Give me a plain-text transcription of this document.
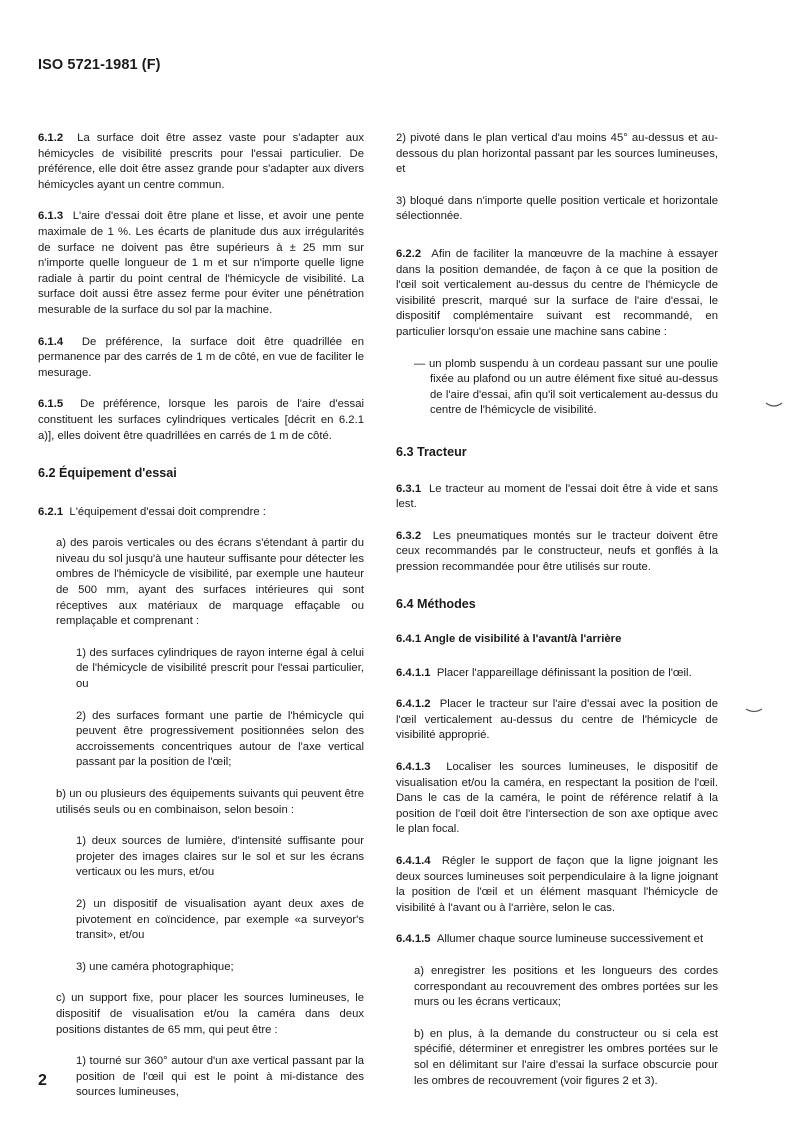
ISO 5721-1981 (F)

6.1.2 La surface doit être assez vaste pour s'adapter aux hémicycles de visibilité prescrits pour l'essai particulier. De préférence, elle doit être assez grande pour s'adapter aux divers hémicycles ayant un centre commun.

6.1.3 L'aire d'essai doit être plane et lisse, et avoir une pente maximale de 1 %. Les écarts de planitude dus aux irrégularités de surface ne doivent pas être supérieurs à ± 25 mm sur n'importe quelle longueur de 1 m et sur n'importe quelle ligne radiale à partir du point central de l'hémicycle de visibilité. La surface doit aussi être assez ferme pour éviter une pénétration mesurable de la surface du sol par la machine.

6.1.4 De préférence, la surface doit être quadrillée en permanence par des carrés de 1 m de côté, en vue de faciliter le mesurage.

6.1.5 De préférence, lorsque les parois de l'aire d'essai constituent les surfaces cylindriques verticales [décrit en 6.2.1 a)], elles doivent être quadrillées en carrés de 1 m de côté.

6.2 Équipement d'essai

6.2.1 L'équipement d'essai doit comprendre :

a) des parois verticales ou des écrans s'étendant à partir du niveau du sol jusqu'à une hauteur suffisante pour détecter les ombres de l'hémicycle de visibilité, par exemple une hauteur de 500 mm, ayant des surfaces intérieures qui sont réceptives aux matériaux de marquage effaçable ou remplaçable et comprenant :

1) des surfaces cylindriques de rayon interne égal à celui de l'hémicycle de visibilité prescrit pour l'essai particulier, ou

2) des surfaces formant une partie de l'hémicycle qui peuvent être progressivement positionnées selon des accroissements concentriques autour de l'axe vertical passant par la position de l'œil;

b) un ou plusieurs des équipements suivants qui peuvent être utilisés seuls ou en combinaison, selon besoin :

1) deux sources de lumière, d'intensité suffisante pour projeter des images claires sur le sol et sur les écrans verticaux ou les murs, et/ou

2) un dispositif de visualisation ayant deux axes de pivotement en coïncidence, par exemple «a surveyor's transit», et/ou

3) une caméra photographique;

c) un support fixe, pour placer les sources lumineuses, le dispositif de visualisation et/ou la caméra dans deux positions distantes de 65 mm, qui peut être :

1) tourné sur 360° autour d'un axe vertical passant par la position de l'œil qui est le point à mi-distance des sources lumineuses,

2) pivoté dans le plan vertical d'au moins 45° au-dessus et au-dessous du plan horizontal passant par les sources lumineuses, et

3) bloqué dans n'importe quelle position verticale et horizontale sélectionnée.

6.2.2 Afin de faciliter la manœuvre de la machine à essayer dans la position demandée, de façon à ce que la position de l'œil soit verticalement au-dessus du centre de l'hémicycle de visibilité prescrit, marqué sur la surface de l'aire d'essai, le dispositif complémentaire suivant est recommandé, en particulier lorsqu'on essaie une machine sans cabine :

— un plomb suspendu à un cordeau passant sur une poulie fixée au plafond ou un autre élément fixe situé au-dessus de l'aire d'essai, afin qu'il soit verticalement au-dessus du centre de l'hémicycle de visibilité.

6.3 Tracteur

6.3.1 Le tracteur au moment de l'essai doit être à vide et sans lest.

6.3.2 Les pneumatiques montés sur le tracteur doivent être ceux recommandés par le constructeur, neufs et gonflés à la pression recommandée pour être utilisés sur route.

6.4 Méthodes

6.4.1 Angle de visibilité à l'avant/à l'arrière

6.4.1.1 Placer l'appareillage définissant la position de l'œil.

6.4.1.2 Placer le tracteur sur l'aire d'essai avec la position de l'œil verticalement au-dessus du centre de l'hémicycle de visibilité approprié.

6.4.1.3 Localiser les sources lumineuses, le dispositif de visualisation et/ou la caméra, en respectant la position de l'œil. Dans le cas de la caméra, le point de référence relatif à la position de l'œil doit être l'intersection de son axe optique avec le plan focal.

6.4.1.4 Régler le support de façon que la ligne joignant les deux sources lumineuses soit perpendiculaire à la ligne joignant la position de l'œil et un élément masquant l'hémicycle de visibilité à l'avant ou à l'arrière, selon le cas.

6.4.1.5 Allumer chaque source lumineuse successivement et

a) enregistrer les positions et les longueurs des cordes correspondant au recouvrement des ombres portées sur les murs ou les écrans verticaux;

b) en plus, à la demande du constructeur ou si cela est spécifié, déterminer et enregistrer les ombres portées sur le sol en délimitant sur l'aire d'essai la surface obscurcie pour les ombres de recouvrement (voir figures 2 et 3).

2
